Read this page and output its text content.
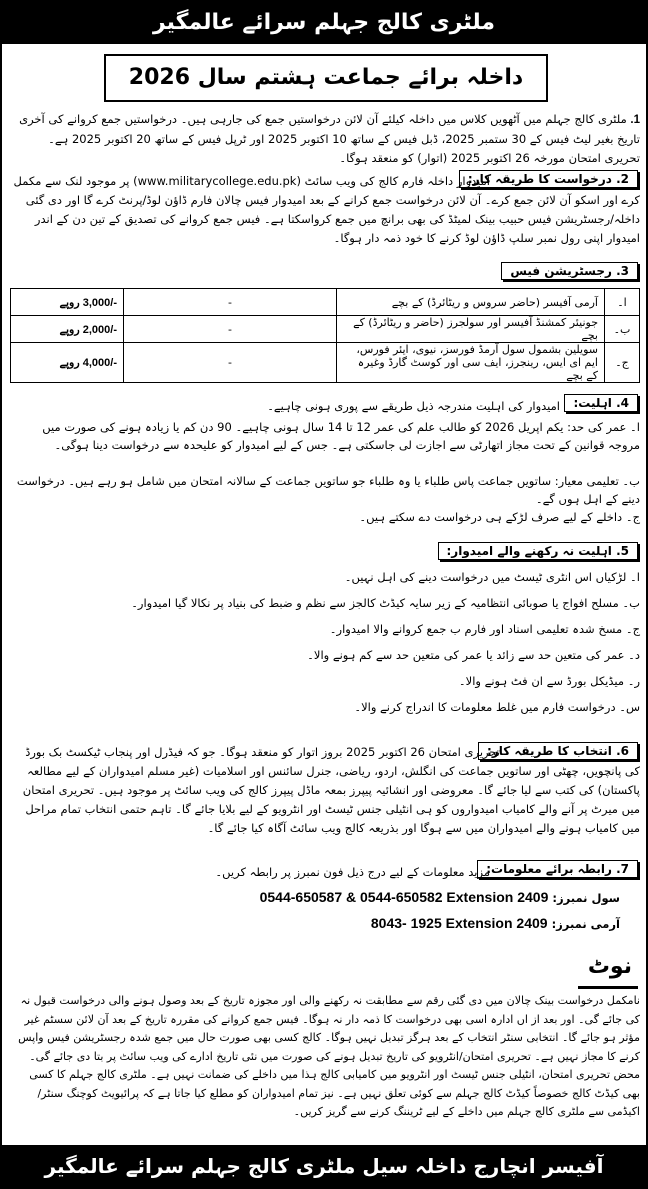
ملٹری کالج جہلم سرائے عالمگیر
داخلہ برائے جماعت ہشتم سال 2026
1. ملٹری کالج جہلم میں آٹھویں کلاس میں داخلہ کیلئے آن لائن درخواستیں جمع کی جارہی ہیں۔ درخواستیں جمع کروانے کی آخری تاریخ بغیر لیٹ فیس کے 30 ستمبر 2025، ڈبل فیس کے ساتھ 10 اکتوبر 2025 اور ٹرپل فیس کے ساتھ 20 اکتوبر 2025 ہے۔ تحریری امتحان مورخہ 26 اکتوبر 2025 (اتوار) کو منعقد ہوگا۔
2. درخواست کا طریقہ کار:
امیدوار داخلہ فارم کالج کی ویب سائٹ (www.militarycollege.edu.pk) پر موجود لنک سے مکمل کرے اور اسکو آن لائن جمع کرے۔ آن لائن درخواست جمع کرانے کے بعد امیدوار فیس چالان فارم ڈاؤن لوڈ/پرنٹ کرے گا اور دی گئی داخلہ/رجسٹریشن فیس حبیب بینک لمیٹڈ کی بھی برانچ میں جمع کرواسکتا ہے۔ فیس جمع کروانے کی تصدیق کے تین دن کے اندر امیدوار اپنی رول نمبر سلپ ڈاؤن لوڈ کرنے کا خود ذمہ دار ہوگا۔
3. رجسٹریشن فیس
-/3,000 روپے	-	آرمی آفیسر (حاضر سروس و ریٹائرڈ) کے بچے	ا۔
-/2,000 روپے	-	جونیئر کمشنڈ آفیسر اور سولجرز (حاضر و ریٹائرڈ) کے بچے	ب۔
-/4,000 روپے	-	سویلین بشمول سول آرمڈ فورسز، نیوی، ایئر فورس، ایم ای ایس، رینجرز، ایف سی اور کوسٹ گارڈ وغیرہ کے بچے	ج۔
4. اہلیت:
امیدوار کی اہلیت مندرجہ ذیل طریقے سے پوری ہونی چاہیے۔
ا۔ عمر کی حد: یکم اپریل 2026 کو طالب علم کی عمر 12 تا 14 سال ہونی چاہیے۔ 90 دن کم یا زیادہ ہونے کی صورت میں مروجہ قوانین کے تحت مجاز اتھارٹی سے اجازت لی جاسکتی ہے۔ جس کے لیے امیدوار کو علیحدہ سے درخواست دینا ہوگی۔
ب۔ تعلیمی معیار: ساتویں جماعت پاس طلباء یا وہ طلباء جو ساتویں جماعت کے سالانہ امتحان میں شامل ہو رہے ہیں۔ درخواست دینے کے اہل ہوں گے۔
ج۔ داخلے کے لیے صرف لڑکے ہی درخواست دے سکتے ہیں۔
5. اہلیت نہ رکھنے والے امیدوار:
ا۔ لڑکیاں اس انٹری ٹیسٹ میں درخواست دینے کی اہل نہیں۔
ب۔ مسلح افواج یا صوبائی انتظامیہ کے زیر سایہ کیڈٹ کالجز سے نظم و ضبط کی بنیاد پر نکالا گیا امیدوار۔
ج۔ مسخ شدہ تعلیمی اسناد اور فارم ب جمع کروانے والا امیدوار۔
د۔ عمر کی متعین حد سے زائد یا عمر کی متعین حد سے کم ہونے والا۔
ر۔ میڈیکل بورڈ سے ان فٹ ہونے والا۔
س۔ درخواست فارم میں غلط معلومات کا اندراج کرنے والا۔
6. انتخاب کا طریقہ کار:
تحریری امتحان 26 اکتوبر 2025 بروز اتوار کو منعقد ہوگا۔ جو کہ فیڈرل اور پنجاب ٹیکسٹ بک بورڈ کی پانچویں، چھٹی اور ساتویں جماعت کی انگلش، اردو، ریاضی، جنرل سائنس اور اسلامیات (غیر مسلم امیدواران کے لیے مطالعہ پاکستان) کی کتب سے لیا جائے گا۔ معروضی اور انشائیہ پیپرز بمعہ ماڈل پیپرز کالج کی ویب سائٹ پر موجود ہیں۔ تحریری امتحان میں میرٹ پر آنے والے کامیاب امیدواروں کو ہی انٹیلی جنس ٹیسٹ اور انٹرویو کے لیے بلایا جائے گا۔ تاہم حتمی انتخاب تمام مراحل میں کامیاب ہونے والے امیدواران میں سے ہوگا اور بذریعہ کالج ویب سائٹ آگاہ کیا جائے گا۔
7. رابطہ برائے معلومات:
مزید معلومات کے لیے درج ذیل فون نمبرز پر رابطہ کریں۔
سول نمبرز: 0544-650587 & 0544-650582 Extension 2409
آرمی نمبرز: 8043- 1925 Extension 2409
نوٹ
نامکمل درخواست بینک چالان میں دی گئی رقم سے مطابقت نہ رکھنے والی اور مجوزہ تاریخ کے بعد وصول ہونے والی درخواست قبول نہ کی جائے گی۔ اور بعد از اں ادارہ اسی بھی درخواست کا ذمہ دار نہ ہوگا۔ فیس جمع کروانے کی مقررہ تاریخ کے بعد آن لائن سسٹم غیر مؤثر ہو جائے گا۔ انتخابی سنٹر انتخاب کے بعد ہرگز تبدیل نہیں ہوگا۔ کالج کسی بھی صورت حال میں جمع شدہ رجسٹریشن فیس واپس کرنے کا مجاز نہیں ہے۔ تحریری امتحان/انٹرویو کی تاریخ تبدیل ہونے کی صورت میں نئی تاریخ ادارے کی ویب سائٹ پر بتا دی جائے گی۔ محض تحریری امتحان، انٹیلی جنس ٹیسٹ اور انٹرویو میں کامیابی کالج ہذا میں داخلے کی ضمانت نہیں ہے۔ ملٹری کالج جہلم کا کسی بھی کیڈٹ کالج خصوصاً کیڈٹ کالج جہلم سے کوئی تعلق نہیں ہے۔ نیز تمام امیدواران کو مطلع کیا جاتا ہے کہ پرائیویٹ کوچنگ سنٹر/اکیڈمی سے ملٹری کالج جہلم میں داخلے کے لیے ٹریننگ کرنے سے گریز کریں۔
آفیسر انچارج داخلہ سیل ملٹری کالج جہلم سرائے عالمگیر
